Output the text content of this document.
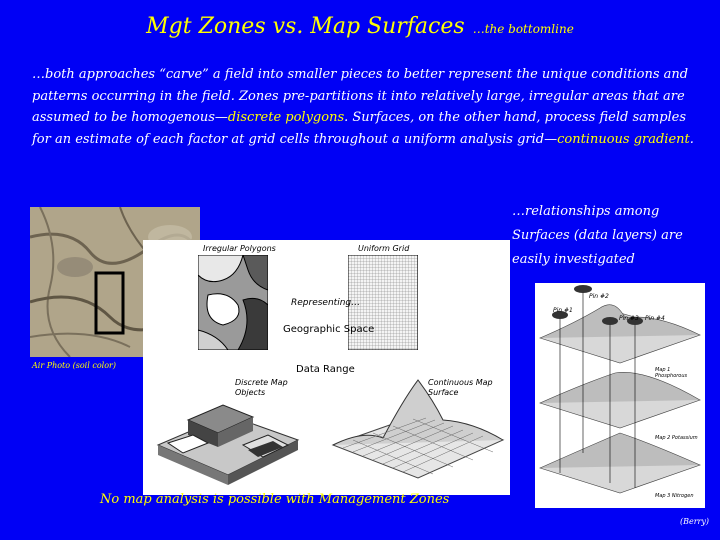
Mgt Zones vs. Map Surfaces …the bottomline
…both approaches “carve” a field into smaller pieces to better represent the unique conditions and patterns occurring in the field. Zones pre-partitions it into relatively large, irregular areas that are assumed to be homogenous—discrete polygons. Surfaces, on the other hand, process field samples for an estimate of each factor at grid cells throughout a uniform analysis grid—continuous gradient.
…relationships among Surfaces (data layers) are easily investigated
Air Photo (soil color)
Irregular Polygons	Uniform Grid
Representing…
Geographic Space
Data Range
Discrete Map Objects
Continuous Map Surface
Pin #1
Pin #2
Pin #3 Pin #4
Map 1 Phosphorous
Map 2 Potassium
Map 3 Nitrogen
No map analysis is possible with Management Zones
(Berry)
